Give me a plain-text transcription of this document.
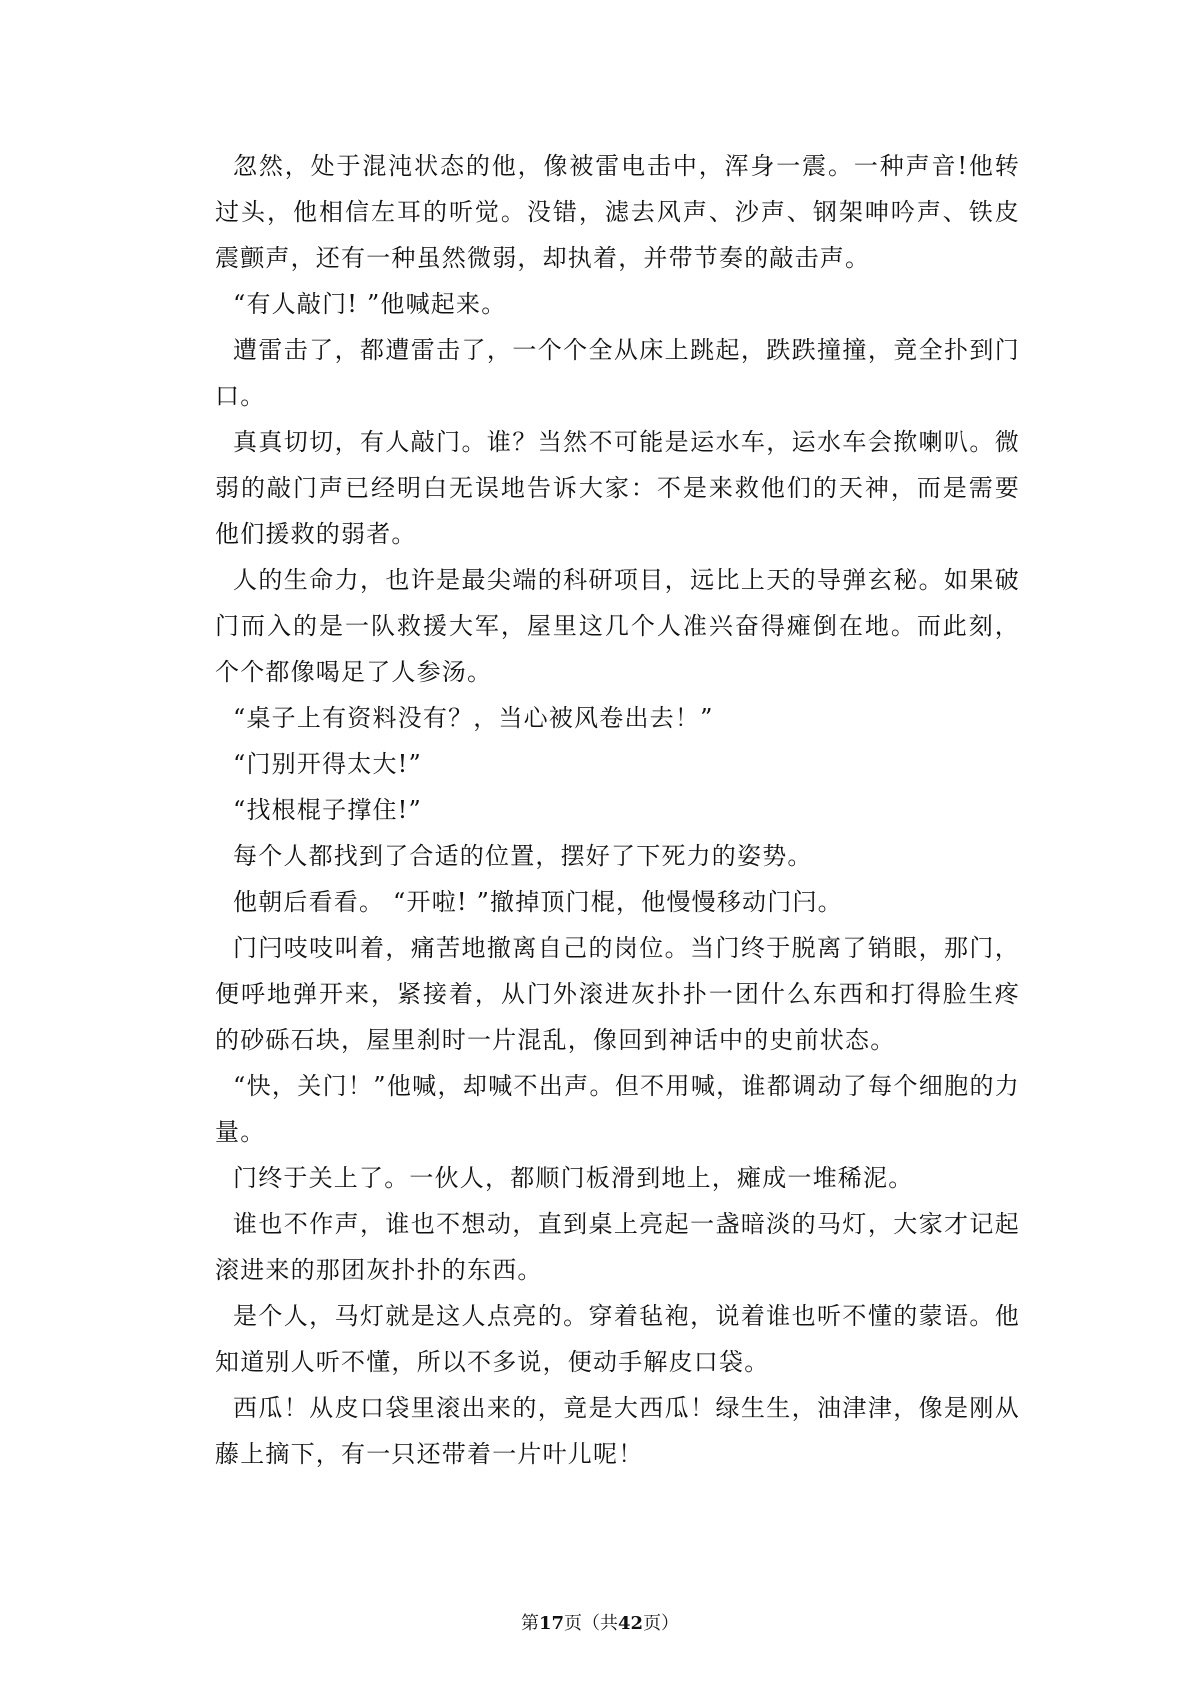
忽然，处于混沌状态的他，像被雷电击中，浑身一震。一种声音!他转过头，他相信左耳的听觉。没错，滤去风声、沙声、钢架呻吟声、铁皮震颤声，还有一种虽然微弱，却执着，并带节奏的敲击声。

“有人敲门! ”他喊起来。

遭雷击了，都遭雷击了，一个个全从床上跳起，跌跌撞撞，竟全扑到门口。

真真切切，有人敲门。谁？当然不可能是运水车，运水车会揿喇叭。微弱的敲门声已经明白无误地告诉大家：不是来救他们的天神，而是需要他们援救的弱者。

人的生命力，也许是最尖端的科研项目，远比上天的导弹玄秘。如果破门而入的是一队救援大军，屋里这几个人准兴奋得瘫倒在地。而此刻，个个都像喝足了人参汤。

“桌子上有资料没有？，当心被风卷出去！”

“门别开得太大!”

“找根棍子撑住!”

每个人都找到了合适的位置，摆好了下死力的姿势。

他朝后看看。 “开啦! ”撤掉顶门棍，他慢慢移动门闩。

门闩吱吱叫着，痛苦地撤离自己的岗位。当门终于脱离了销眼，那门，便呼地弹开来，紧接着，从门外滚进灰扑扑一团什么东西和打得脸生疼的砂砾石块，屋里刹时一片混乱，像回到神话中的史前状态。

“快，关门！”他喊，却喊不出声。但不用喊，谁都调动了每个细胞的力量。

门终于关上了。一伙人，都顺门板滑到地上，瘫成一堆稀泥。

谁也不作声，谁也不想动，直到桌上亮起一盏暗淡的马灯，大家才记起滚进来的那团灰扑扑的东西。

是个人，马灯就是这人点亮的。穿着毡袍，说着谁也听不懂的蒙语。他知道别人听不懂，所以不多说，便动手解皮口袋。

西瓜！从皮口袋里滚出来的，竟是大西瓜！绿生生，油津津，像是刚从藤上摘下，有一只还带着一片叶儿呢！

第17页（共42页）
